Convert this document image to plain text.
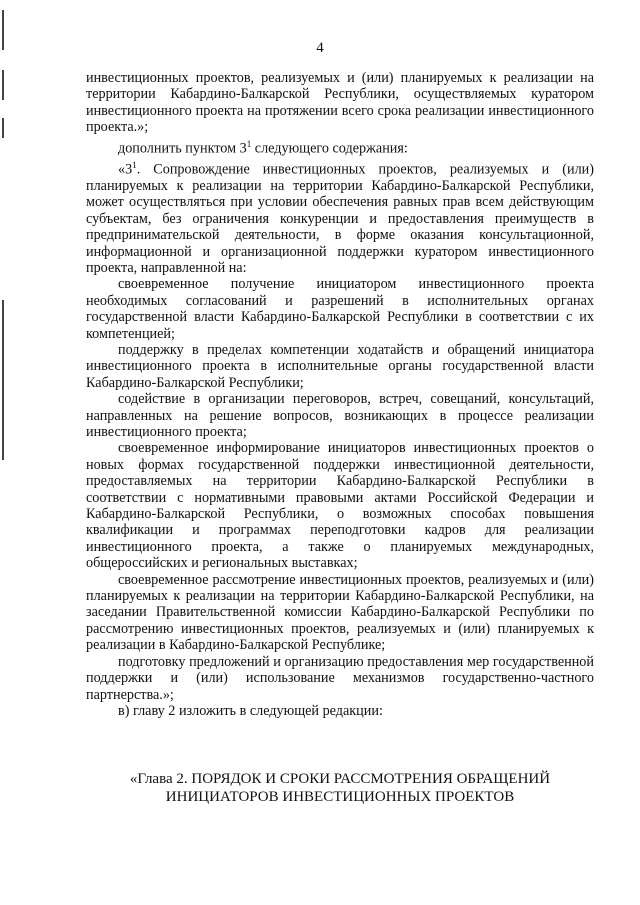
4

инвестиционных проектов, реализуемых и (или) планируемых к реализации на территории Кабардино-Балкарской Республики, осуществляемых куратором инвестиционного проекта на протяжении всего срока реализации инвестиционного проекта.»;

дополнить пунктом $3^1$ следующего содержания:

«$3^1$. Сопровождение инвестиционных проектов, реализуемых и (или) планируемых к реализации на территории Кабардино-Балкарской Республики, может осуществляться при условии обеспечения равных прав всем действующим субъектам, без ограничения конкуренции и предоставления преимуществ в предпринимательской деятельности, в форме оказания консультационной, информационной и организационной поддержки куратором инвестиционного проекта, направленной на:

своевременное получение инициатором инвестиционного проекта необходимых согласований и разрешений в исполнительных органах государственной власти Кабардино-Балкарской Республики в соответствии с их компетенцией;

поддержку в пределах компетенции ходатайств и обращений инициатора инвестиционного проекта в исполнительные органы государственной власти Кабардино-Балкарской Республики;

содействие в организации переговоров, встреч, совещаний, консультаций, направленных на решение вопросов, возникающих в процессе реализации инвестиционного проекта;

своевременное информирование инициаторов инвестиционных проектов о новых формах государственной поддержки инвестиционной деятельности, предоставляемых на территории Кабардино-Балкарской Республики в соответствии с нормативными правовыми актами Российской Федерации и Кабардино-Балкарской Республики, о возможных способах повышения квалификации и программах переподготовки кадров для реализации инвестиционного проекта, а также о планируемых международных, общероссийских и региональных выставках;

своевременное рассмотрение инвестиционных проектов, реализуемых и (или) планируемых к реализации на территории Кабардино-Балкарской Республики, на заседании Правительственной комиссии Кабардино-Балкарской Республики по рассмотрению инвестиционных проектов, реализуемых и (или) планируемых к реализации в Кабардино-Балкарской Республике;

подготовку предложений и организацию предоставления мер государственной поддержки и (или) использование механизмов государственно-частного партнерства.»;

в) главу 2 изложить в следующей редакции:

«Глава 2. ПОРЯДОК И СРОКИ РАССМОТРЕНИЯ ОБРАЩЕНИЙ
ИНИЦИАТОРОВ ИНВЕСТИЦИОННЫХ ПРОЕКТОВ
